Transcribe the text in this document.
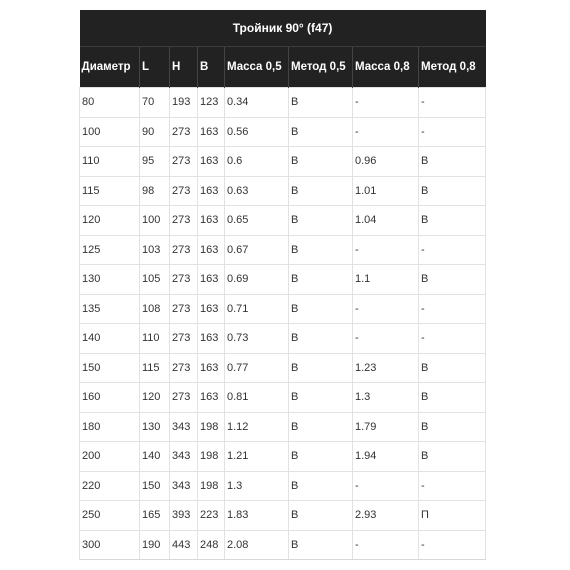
Тройник 90° (f47)							
Диаметр	L	H	B	Масса 0,5	Метод 0,5	Масса 0,8	Метод 0,8
80	70	193	123	0.34	B	-	-
100	90	273	163	0.56	B	-	-
110	95	273	163	0.6	B	0.96	B
115	98	273	163	0.63	B	1.01	B
120	100	273	163	0.65	B	1.04	B
125	103	273	163	0.67	B	-	-
130	105	273	163	0.69	B	1.1	B
135	108	273	163	0.71	B	-	-
140	110	273	163	0.73	B	-	-
150	115	273	163	0.77	B	1.23	B
160	120	273	163	0.81	B	1.3	B
180	130	343	198	1.12	B	1.79	B
200	140	343	198	1.21	B	1.94	B
220	150	343	198	1.3	B	-	-
250	165	393	223	1.83	B	2.93	П
300	190	443	248	2.08	B	-	-
